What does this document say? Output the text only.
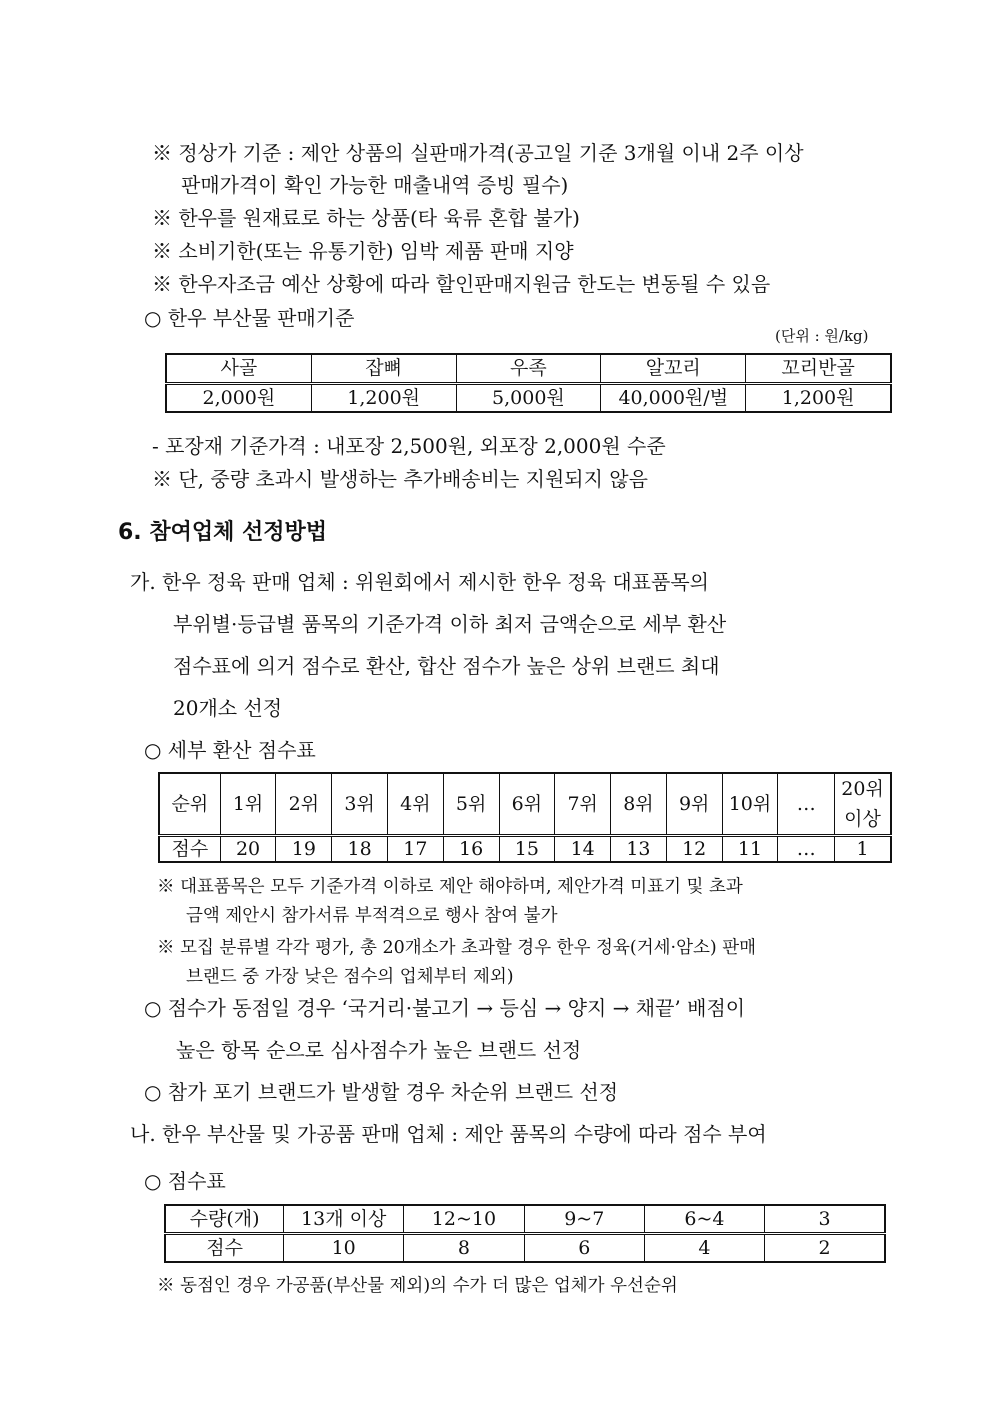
※ 정상가 기준 : 제안 상품의 실판매가격(공고일 기준 3개월 이내 2주 이상
판매가격이 확인 가능한 매출내역 증빙 필수)
※ 한우를 원재료로 하는 상품(타 육류 혼합 불가)
※ 소비기한(또는 유통기한) 임박 제품 판매 지양
※ 한우자조금 예산 상황에 따라 할인판매지원금 한도는 변동될 수 있음
○ 한우 부산물 판매기준
(단위 : 원/kg)
사골	잡뼈	우족	알꼬리	꼬리반골
2,000원	1,200원	5,000원	40,000원/벌	1,200원
- 포장재 기준가격 : 내포장 2,500원, 외포장 2,000원 수준
※ 단, 중량 초과시 발생하는 추가배송비는 지원되지 않음
6. 참여업체 선정방법
가. 한우 정육 판매 업체 : 위원회에서 제시한 한우 정육 대표품목의
부위별·등급별 품목의 기준가격 이하 최저 금액순으로 세부 환산
점수표에 의거 점수로 환산, 합산 점수가 높은 상위 브랜드 최대
20개소 선정
○ 세부 환산 점수표
순위	1위	2위	3위	4위	5위	6위	7위	8위	9위	10위	…	20위
이상
점수	20	19	18	17	16	15	14	13	12	11	…	1
※ 대표품목은 모두 기준가격 이하로 제안 해야하며, 제안가격 미표기 및 초과
금액 제안시 참가서류 부적격으로 행사 참여 불가
※ 모집 분류별 각각 평가, 총 20개소가 초과할 경우 한우 정육(거세·암소) 판매
브랜드 중 가장 낮은 점수의 업체부터 제외)
○ 점수가 동점일 경우 ‘국거리·불고기 → 등심 → 양지 → 채끝’ 배점이
높은 항목 순으로 심사점수가 높은 브랜드 선정
○ 참가 포기 브랜드가 발생할 경우 차순위 브랜드 선정
나. 한우 부산물 및 가공품 판매 업체 : 제안 품목의 수량에 따라 점수 부여
○ 점수표
수량(개)	13개 이상	12~10	9~7	6~4	3
점수	10	8	6	4	2
※ 동점인 경우 가공품(부산물 제외)의 수가 더 많은 업체가 우선순위
